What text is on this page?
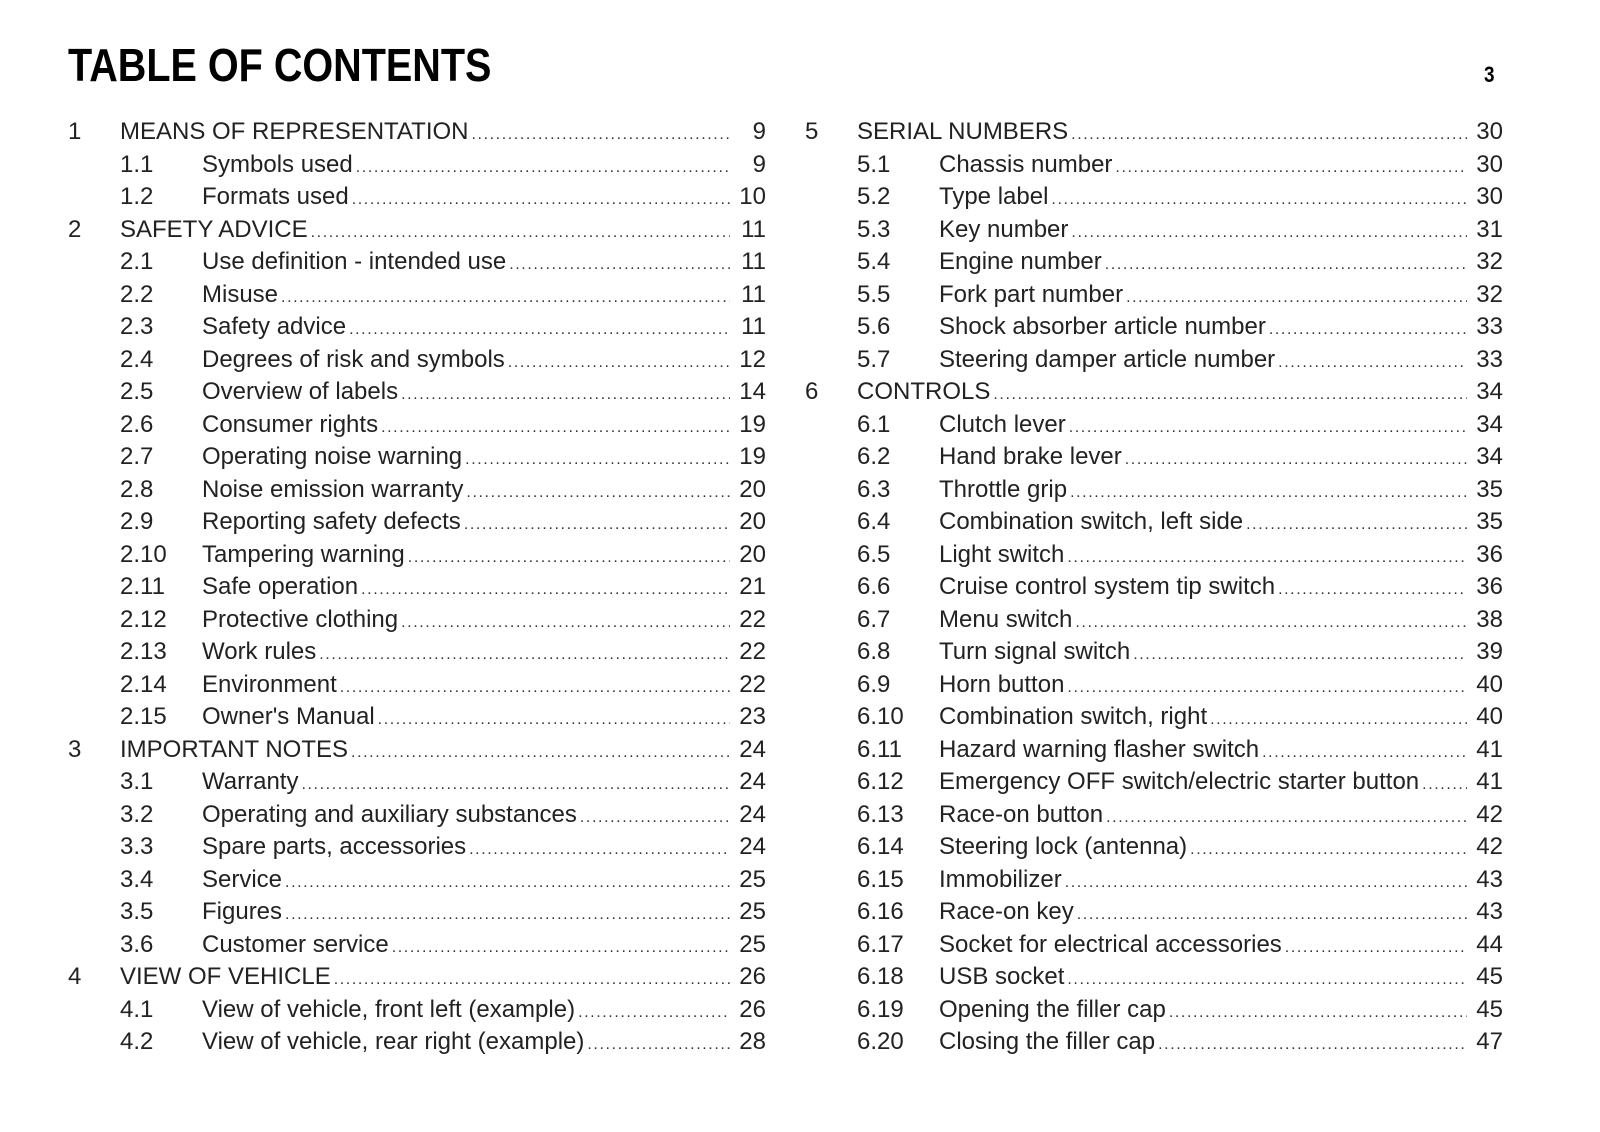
TABLE OF CONTENTS	3
1	MEANS OF REPRESENTATION .....	9
1.1	Symbols used .....	9
1.2	Formats used .....	10
2	SAFETY ADVICE .....	11
2.1	Use definition - intended use .....	11
2.2	Misuse .....	11
2.3	Safety advice .....	11
2.4	Degrees of risk and symbols .....	12
2.5	Overview of labels .....	14
2.6	Consumer rights .....	19
2.7	Operating noise warning .....	19
2.8	Noise emission warranty .....	20
2.9	Reporting safety defects .....	20
2.10	Tampering warning .....	20
2.11	Safe operation .....	21
2.12	Protective clothing .....	22
2.13	Work rules .....	22
2.14	Environment .....	22
2.15	Owner's Manual .....	23
3	IMPORTANT NOTES .....	24
3.1	Warranty .....	24
3.2	Operating and auxiliary substances .....	24
3.3	Spare parts, accessories .....	24
3.4	Service .....	25
3.5	Figures .....	25
3.6	Customer service .....	25
4	VIEW OF VEHICLE .....	26
4.1	View of vehicle, front left (example) .....	26
4.2	View of vehicle, rear right (example) .....	28
5	SERIAL NUMBERS .....	30
5.1	Chassis number .....	30
5.2	Type label .....	30
5.3	Key number .....	31
5.4	Engine number .....	32
5.5	Fork part number .....	32
5.6	Shock absorber article number .....	33
5.7	Steering damper article number .....	33
6	CONTROLS .....	34
6.1	Clutch lever .....	34
6.2	Hand brake lever .....	34
6.3	Throttle grip .....	35
6.4	Combination switch, left side .....	35
6.5	Light switch .....	36
6.6	Cruise control system tip switch .....	36
6.7	Menu switch .....	38
6.8	Turn signal switch .....	39
6.9	Horn button .....	40
6.10	Combination switch, right .....	40
6.11	Hazard warning flasher switch .....	41
6.12	Emergency OFF switch/electric starter button ..... 41
6.13	Race-on button .....	42
6.14	Steering lock (antenna) .....	42
6.15	Immobilizer .....	43
6.16	Race-on key .....	43
6.17	Socket for electrical accessories .....	44
6.18	USB socket .....	45
6.19	Opening the filler cap .....	45
6.20	Closing the filler cap .....	47
